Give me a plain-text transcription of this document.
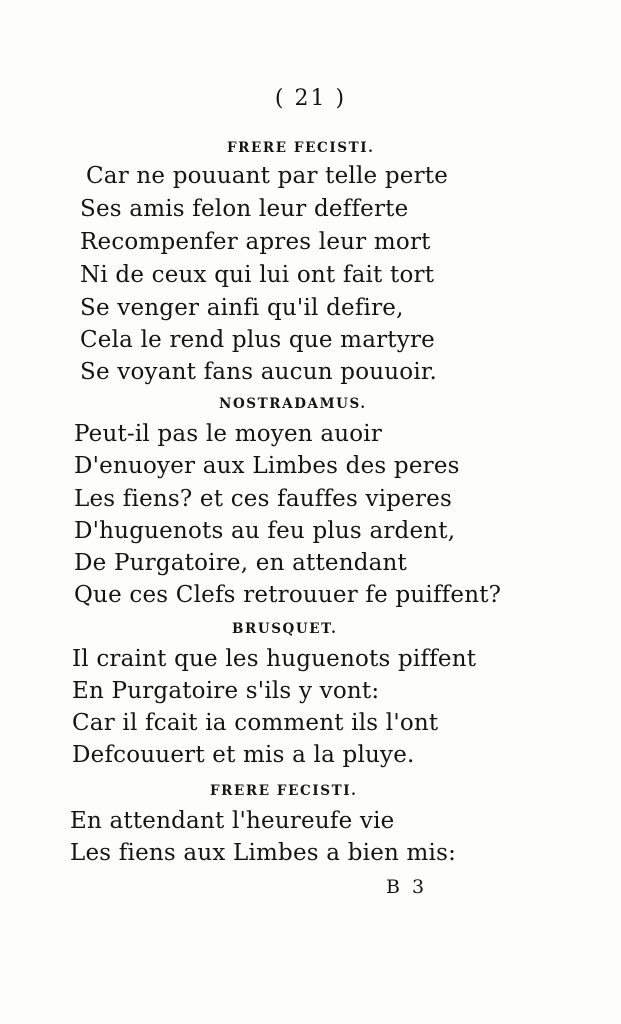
( 21 )
FRERE FECISTI.
Car ne pouuant par telle perte
Ses amis felon leur defferte
Recompenfer apres leur mort
Ni de ceux qui lui ont fait tort
Se venger ainfi qu'il defire,
Cela le rend plus que martyre
Se voyant fans aucun pouuoir.
NOSTRADAMUS.
Peut-il pas le moyen auoir
D'enuoyer aux Limbes des peres
Les fiens? et ces fauffes viperes
D'huguenots au feu plus ardent,
De Purgatoire, en attendant
Que ces Clefs retrouuer fe puiffent?
BRUSQUET.
Il craint que les huguenots piffent
En Purgatoire s'ils y vont:
Car il fcait ia comment ils l'ont
Defcouuert et mis a la pluye.
FRERE FECISTI.
En attendant l'heureufe vie
Les fiens aux Limbes a bien mis:
B 3
